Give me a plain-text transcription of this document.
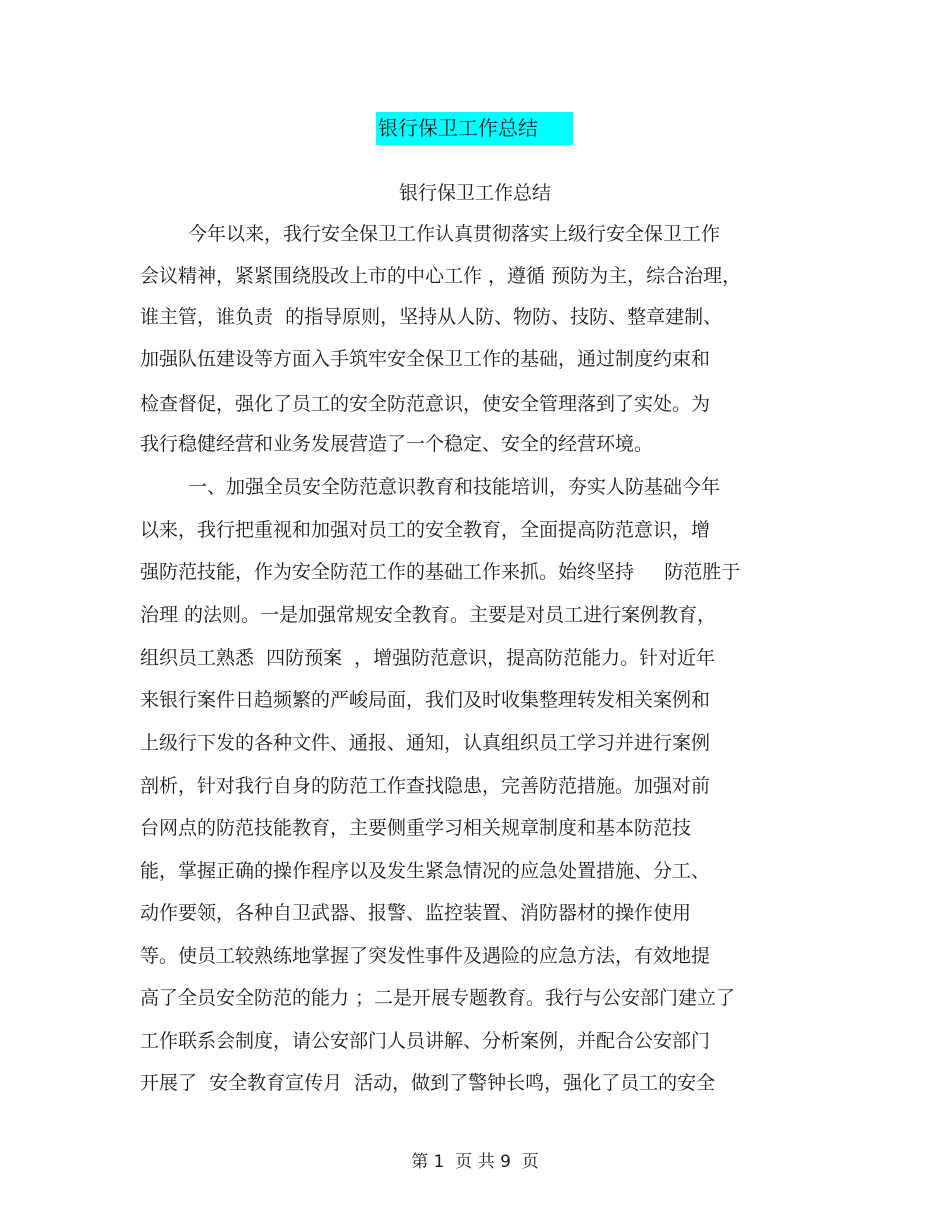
银行保卫工作总结
银行保卫工作总结
今年以来，我行安全保卫工作认真贯彻落实上级行安全保卫工作
会议精神，紧紧围绕股改上市的中心工作 ，遵循 预防为主，综合治理，
谁主管，谁负责  的指导原则，坚持从人防、物防、技防、整章建制、
加强队伍建设等方面入手筑牢安全保卫工作的基础，通过制度约束和
检查督促，强化了员工的安全防范意识，使安全管理落到了实处。为
我行稳健经营和业务发展营造了一个稳定、安全的经营环境。
一、加强全员安全防范意识教育和技能培训，夯实人防基础今年
以来，我行把重视和加强对员工的安全教育，全面提高防范意识，增
强防范技能，作为安全防范工作的基础工作来抓。始终坚持     防范胜于
治理 的法则。一是加强常规安全教育。主要是对员工进行案例教育，
组织员工熟悉  四防预案  ，增强防范意识，提高防范能力。针对近年
来银行案件日趋频繁的严峻局面，我们及时收集整理转发相关案例和
上级行下发的各种文件、通报、通知，认真组织员工学习并进行案例
剖析，针对我行自身的防范工作查找隐患，完善防范措施。加强对前
台网点的防范技能教育，主要侧重学习相关规章制度和基本防范技
能，掌握正确的操作程序以及发生紧急情况的应急处置措施、分工、
动作要领，各种自卫武器、报警、监控装置、消防器材的操作使用
等。使员工较熟练地掌握了突发性事件及遇险的应急方法，有效地提
高了全员安全防范的能力 ；二是开展专题教育。我行与公安部门建立了
工作联系会制度，请公安部门人员讲解、分析案例，并配合公安部门
开展了  安全教育宣传月  活动，做到了警钟长鸣，强化了员工的安全
第 1  页 共 9  页
